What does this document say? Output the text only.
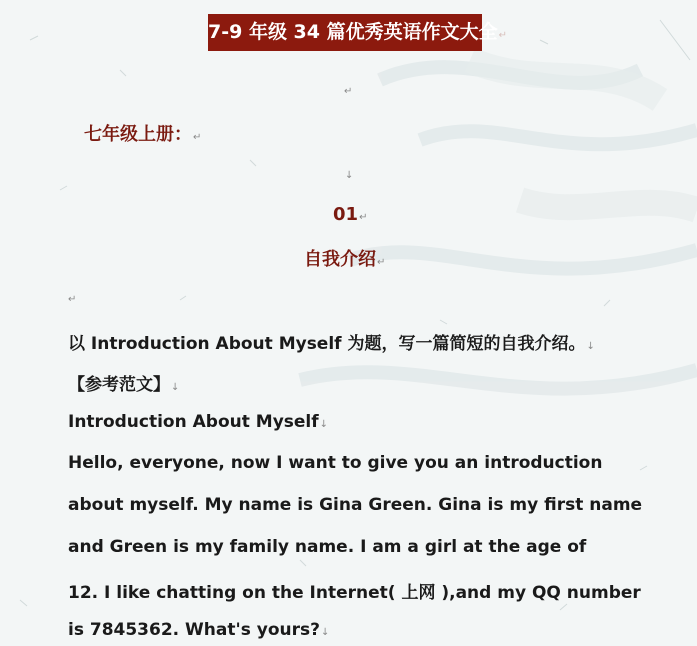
7-9 年级 34 篇优秀英语作文大全↵
↵
七年级上册：↵
↓
01↵
自我介绍↵
↵
以 Introduction About Myself 为题，写一篇简短的自我介绍。↓
【参考范文】↓
Introduction About Myself↓
Hello, everyone, now I want to give you an introduction
about myself. My name is Gina Green. Gina is my first name
and Green is my family name. I am a girl at the age of
12. I like chatting on the Internet( 上网 ),and my QQ number
is 7845362. What's yours?↓
